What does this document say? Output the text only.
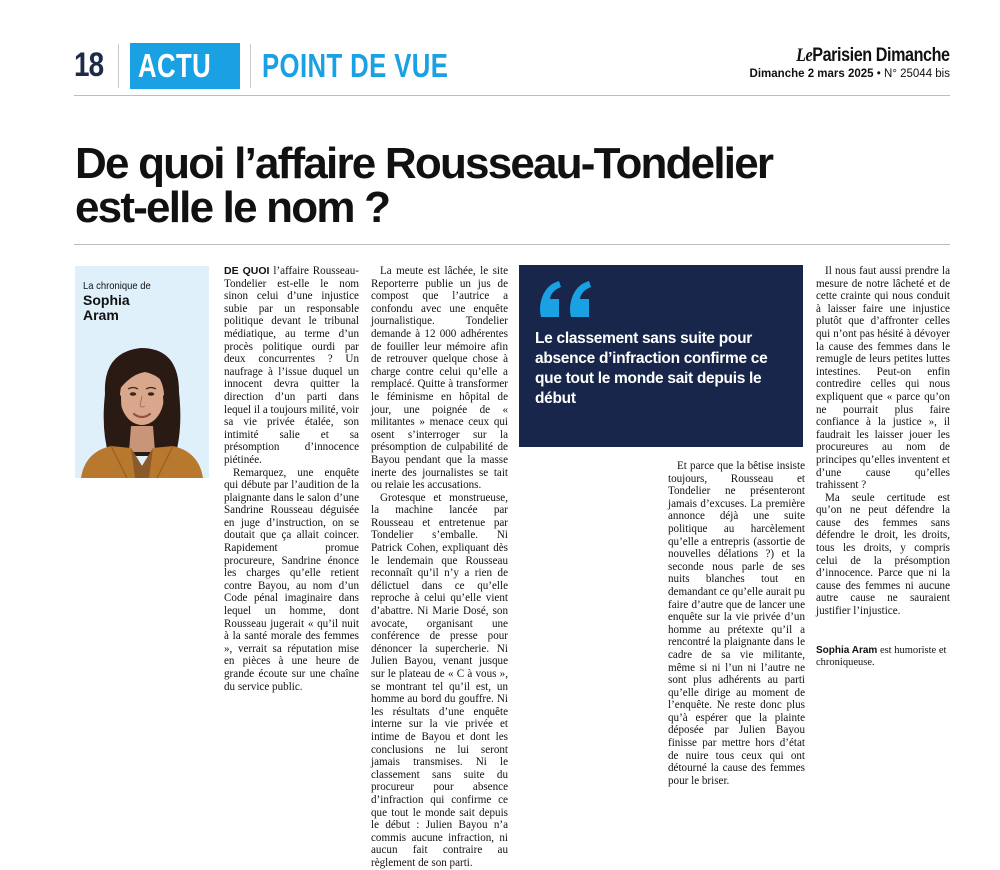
18 ACTU POINT DE VUE	LeParisien Dimanche
Dimanche 2 mars 2025 • N° 25044 bis
De quoi l’affaire Rousseau-Tondelier
est-elle le nom ?
La chronique de
Sophia
Aram

DE QUOI l’affaire Rousseau-Tondelier est-elle le nom sinon celui d’une injustice subie par un responsable politique devant le tribunal médiatique, au terme d’un procès politique ourdi par deux concurrentes ? Un naufrage à l’issue duquel un innocent devra quitter la direction d’un parti dans lequel il a toujours milité, voir sa vie privée étalée, son intimité salie et sa présomption d’innocence piétinée.

Remarquez, une enquête qui débute par l’audition de la plaignante dans le salon d’une Sandrine Rousseau déguisée en juge d’instruction, on se doutait que ça allait coincer. Rapidement promue procureure, Sandrine énonce les charges qu’elle retient contre Bayou, au nom d’un Code pénal imaginaire dans lequel un homme, dont Rousseau jugerait « qu’il nuit à la santé morale des femmes », verrait sa réputation mise en pièces à une heure de grande écoute sur une chaîne du service public.

La meute est lâchée, le site Reporterre publie un jus de compost que l’autrice a confondu avec une enquête journalistique. Tondelier demande à 12 000 adhérentes de fouiller leur mémoire afin de retrouver quelque chose à charge contre celui qu’elle a remplacé. Quitte à transformer le féminisme en hôpital de jour, une poignée de « militantes » menace ceux qui osent s’interroger sur la présomption de culpabilité de Bayou pendant que la masse inerte des journalistes se tait ou relaie les accusations.

Grotesque et monstrueuse, la machine lancée par Rousseau et entretenue par Tondelier s’emballe. Ni Patrick Cohen, expliquant dès le lendemain que Rousseau reconnaît qu’il n’y a rien de délictuel dans ce qu’elle reproche à celui qu’elle vient d’abattre. Ni Marie Dosé, son avocate, organisant une conférence de presse pour dénoncer la supercherie. Ni Julien Bayou, venant jusque sur le plateau de « C à vous », se montrant tel qu’il est, un homme au bord du gouffre. Ni les résultats d’une enquête interne sur la vie privée et intime de Bayou et dont les conclusions ne lui seront jamais transmises. Ni le classement sans suite du procureur pour absence d’infraction qui confirme ce que tout le monde sait depuis le début : Julien Bayou n’a commis aucune infraction, ni aucun fait contraire au règlement de son parti.

Le classement sans suite pour absence d’infraction confirme ce que tout le monde sait depuis le début

Et parce que la bêtise insiste toujours, Rousseau et Tondelier ne présenteront jamais d’excuses. La première annonce déjà une suite politique au harcèlement qu’elle a entrepris (assortie de nouvelles délations ?) et la seconde nous parle de ses nuits blanches tout en demandant ce qu’elle aurait pu faire d’autre que de lancer une enquête sur la vie privée d’un homme au prétexte qu’il a rencontré la plaignante dans le cadre de sa vie militante, même si ni l’un ni l’autre ne sont plus adhérents au parti qu’elle dirige au moment de l’enquête. Ne reste donc plus qu’à espérer que la plainte déposée par Julien Bayou finisse par mettre hors d’état de nuire tous ceux qui ont détourné la cause des femmes pour le briser.

Il nous faut aussi prendre la mesure de notre lâcheté et de cette crainte qui nous conduit à laisser faire une injustice plutôt que d’affronter celles qui n’ont pas hésité à dévoyer la cause des femmes dans le remugle de leurs petites luttes intestines. Peut-on enfin contredire celles qui nous expliquent que « parce qu’on ne pourrait plus faire confiance à la justice », il faudrait les laisser jouer les procureures au nom de principes qu’elles inventent et d’une cause qu’elles trahissent ?

Ma seule certitude est qu’on ne peut défendre la cause des femmes sans défendre le droit, les droits, tous les droits, y compris celui de la présomption d’innocence. Parce que ni la cause des femmes ni aucune autre cause ne sauraient justifier l’injustice.

Sophia Aram est humoriste et chroniqueuse.
